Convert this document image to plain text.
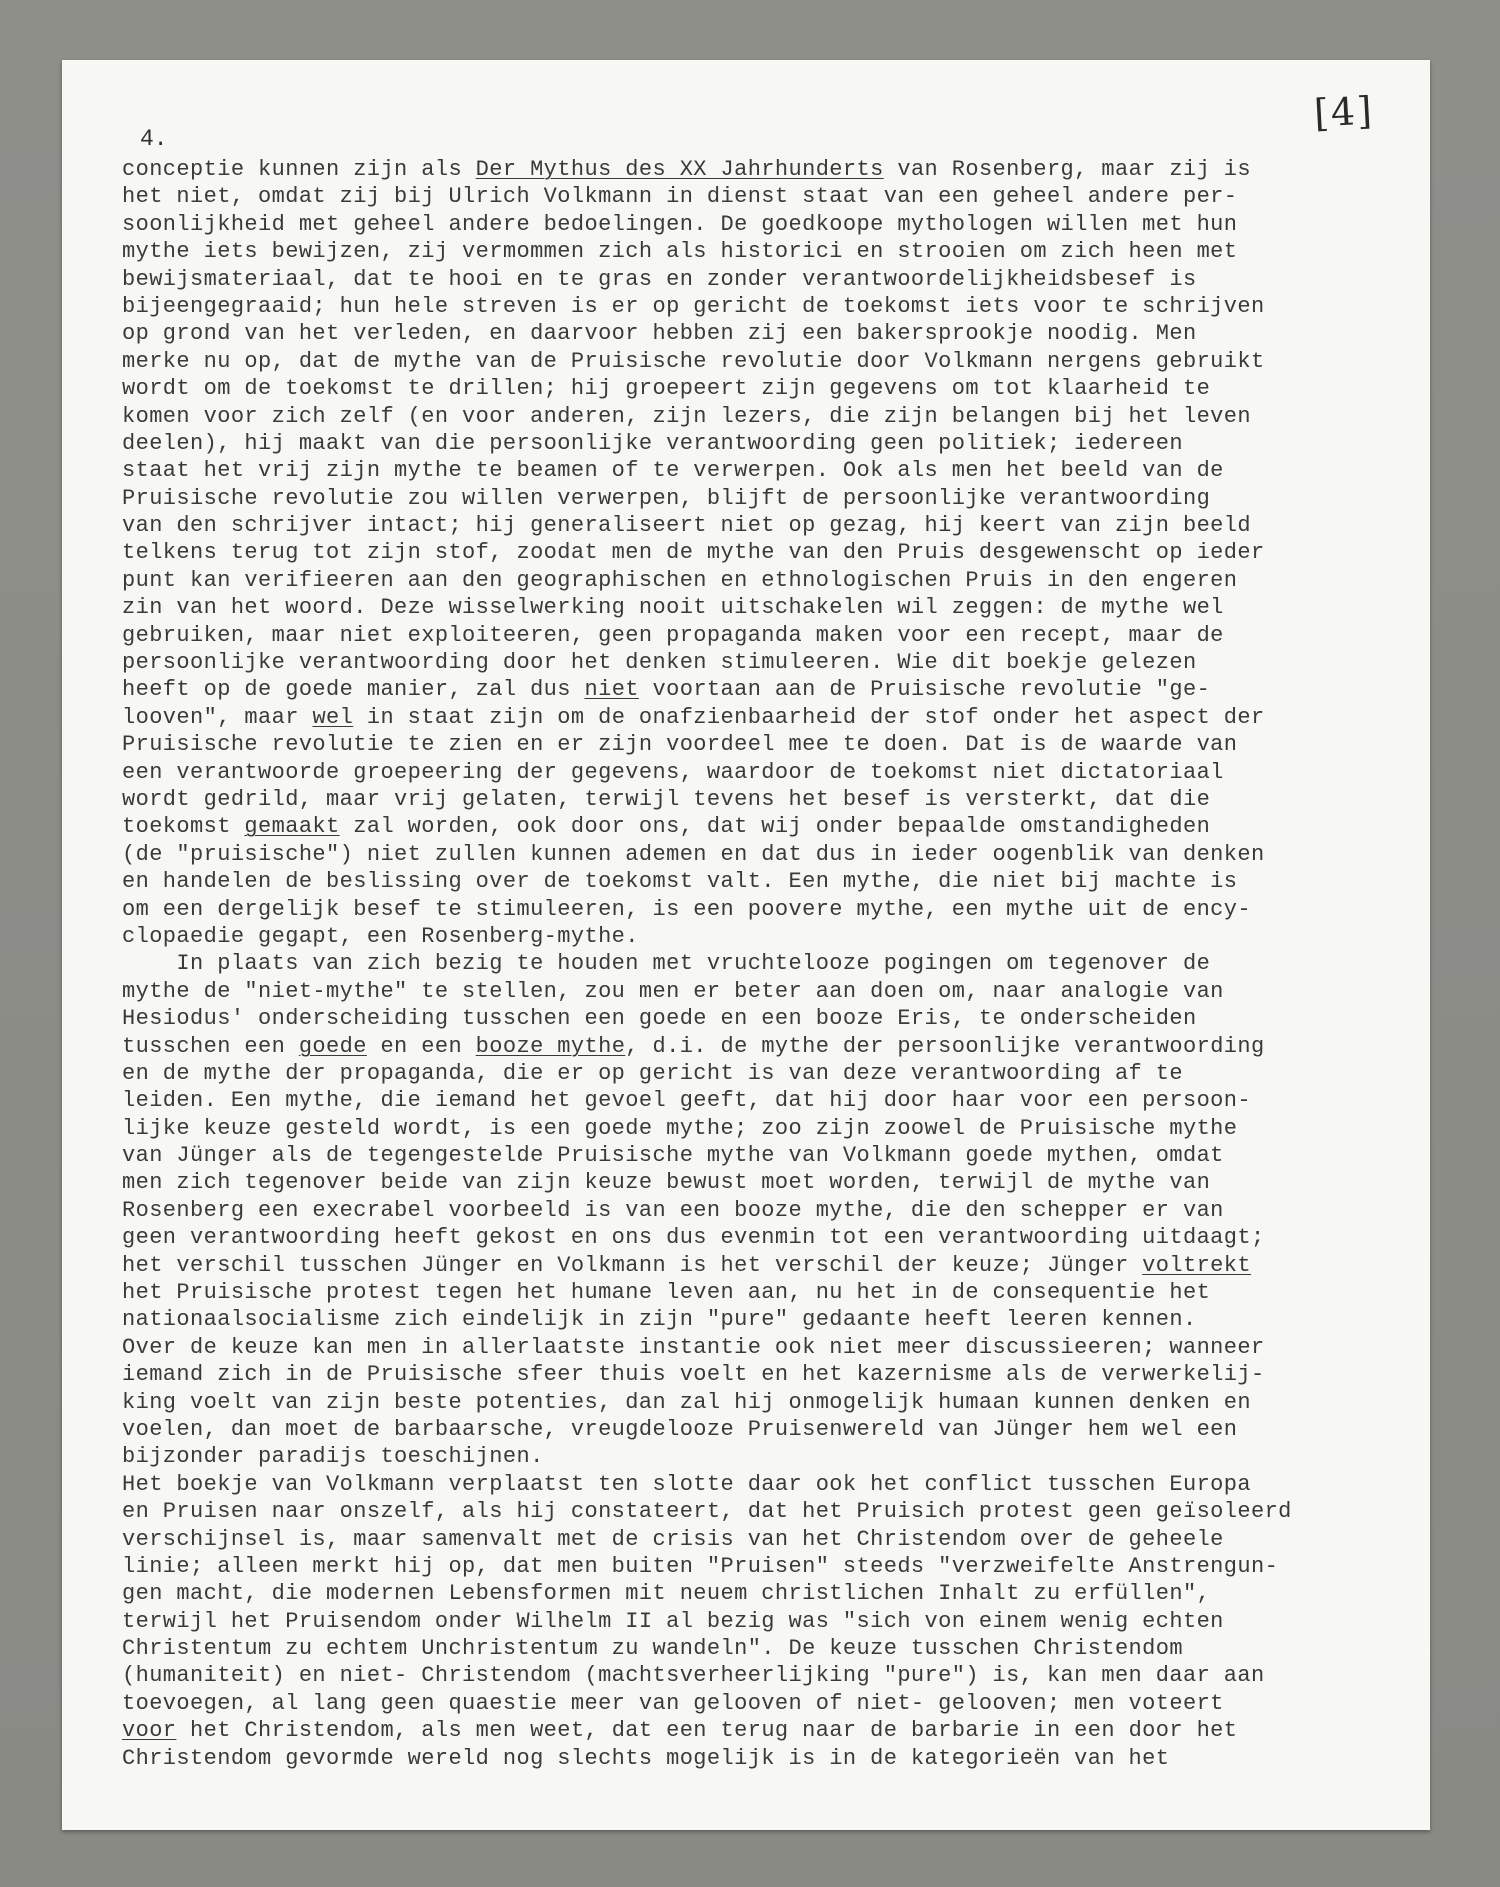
[4]
4.
conceptie kunnen zijn als Der Mythus des XX Jahrhunderts van Rosenberg, maar zij is
het niet, omdat zij bij Ulrich Volkmann in dienst staat van een geheel andere per-
soonlijkheid met geheel andere bedoelingen. De goedkoope mythologen willen met hun
mythe iets bewijzen, zij vermommen zich als historici en strooien om zich heen met
bewijsmateriaal, dat te hooi en te gras en zonder verantwoordelijkheidsbesef is
bijeengegraaid; hun hele streven is er op gericht de toekomst iets voor te schrijven
op grond van het verleden, en daarvoor hebben zij een bakersprookje noodig. Men
merke nu op, dat de mythe van de Pruisische revolutie door Volkmann nergens gebruikt
wordt om de toekomst te drillen; hij groepeert zijn gegevens om tot klaarheid te
komen voor zich zelf (en voor anderen, zijn lezers, die zijn belangen bij het leven
deelen), hij maakt van die persoonlijke verantwoording geen politiek; iedereen
staat het vrij zijn mythe te beamen of te verwerpen. Ook als men het beeld van de
Pruisische revolutie zou willen verwerpen, blijft de persoonlijke verantwoording
van den schrijver intact; hij generaliseert niet op gezag, hij keert van zijn beeld
telkens terug tot zijn stof, zoodat men de mythe van den Pruis desgewenscht op ieder
punt kan verifieeren aan den geographischen en ethnologischen Pruis in den engeren
zin van het woord. Deze wisselwerking nooit uitschakelen wil zeggen: de mythe wel
gebruiken, maar niet exploiteeren, geen propaganda maken voor een recept, maar de
persoonlijke verantwoording door het denken stimuleeren. Wie dit boekje gelezen
heeft op de goede manier, zal dus niet voortaan aan de Pruisische revolutie "ge-
looven", maar wel in staat zijn om de onafzienbaarheid der stof onder het aspect der
Pruisische revolutie te zien en er zijn voordeel mee te doen. Dat is de waarde van
een verantwoorde groepeering der gegevens, waardoor de toekomst niet dictatoriaal
wordt gedrild, maar vrij gelaten, terwijl tevens het besef is versterkt, dat die
toekomst gemaakt zal worden, ook door ons, dat wij onder bepaalde omstandigheden
(de "pruisische") niet zullen kunnen ademen en dat dus in ieder oogenblik van denken
en handelen de beslissing over de toekomst valt. Een mythe, die niet bij machte is
om een dergelijk besef te stimuleeren, is een poovere mythe, een mythe uit de ency-
clopaedie gegapt, een Rosenberg-mythe.
In plaats van zich bezig te houden met vruchtelooze pogingen om tegenover de
mythe de "niet-mythe" te stellen, zou men er beter aan doen om, naar analogie van
Hesiodus' onderscheiding tusschen een goede en een booze Eris, te onderscheiden
tusschen een goede en een booze mythe, d.i. de mythe der persoonlijke verantwoording
en de mythe der propaganda, die er op gericht is van deze verantwoording af te
leiden. Een mythe, die iemand het gevoel geeft, dat hij door haar voor een persoon-
lijke keuze gesteld wordt, is een goede mythe; zoo zijn zoowel de Pruisische mythe
van Jünger als de tegengestelde Pruisische mythe van Volkmann goede mythen, omdat
men zich tegenover beide van zijn keuze bewust moet worden, terwijl de mythe van
Rosenberg een execrabel voorbeeld is van een booze mythe, die den schepper er van
geen verantwoording heeft gekost en ons dus evenmin tot een verantwoording uitdaagt;
het verschil tusschen Jünger en Volkmann is het verschil der keuze; Jünger voltrekt
het Pruisische protest tegen het humane leven aan, nu het in de consequentie het
nationaalsocialisme zich eindelijk in zijn "pure" gedaante heeft leeren kennen.
Over de keuze kan men in allerlaatste instantie ook niet meer discussieeren; wanneer
iemand zich in de Pruisische sfeer thuis voelt en het kazernisme als de verwerkelij-
king voelt van zijn beste potenties, dan zal hij onmogelijk humaan kunnen denken en
voelen, dan moet de barbaarsche, vreugdelooze Pruisenwereld van Jünger hem wel een
bijzonder paradijs toeschijnen.
Het boekje van Volkmann verplaatst ten slotte daar ook het conflict tusschen Europa
en Pruisen naar onszelf, als hij constateert, dat het Pruisich protest geen geïsoleerd
verschijnsel is, maar samenvalt met de crisis van het Christendom over de geheele
linie; alleen merkt hij op, dat men buiten "Pruisen" steeds "verzweifelte Anstrengun-
gen macht, die modernen Lebensformen mit neuem christlichen Inhalt zu erfüllen",
terwijl het Pruisendom onder Wilhelm II al bezig was "sich von einem wenig echten
Christentum zu echtem Unchristentum zu wandeln". De keuze tusschen Christendom
(humaniteit) en niet- Christendom (machtsverheerlijking "pure") is, kan men daar aan
toevoegen, al lang geen quaestie meer van gelooven of niet- gelooven; men voteert
voor het Christendom, als men weet, dat een terug naar de barbarie in een door het
Christendom gevormde wereld nog slechts mogelijk is in de kategorieën van het
